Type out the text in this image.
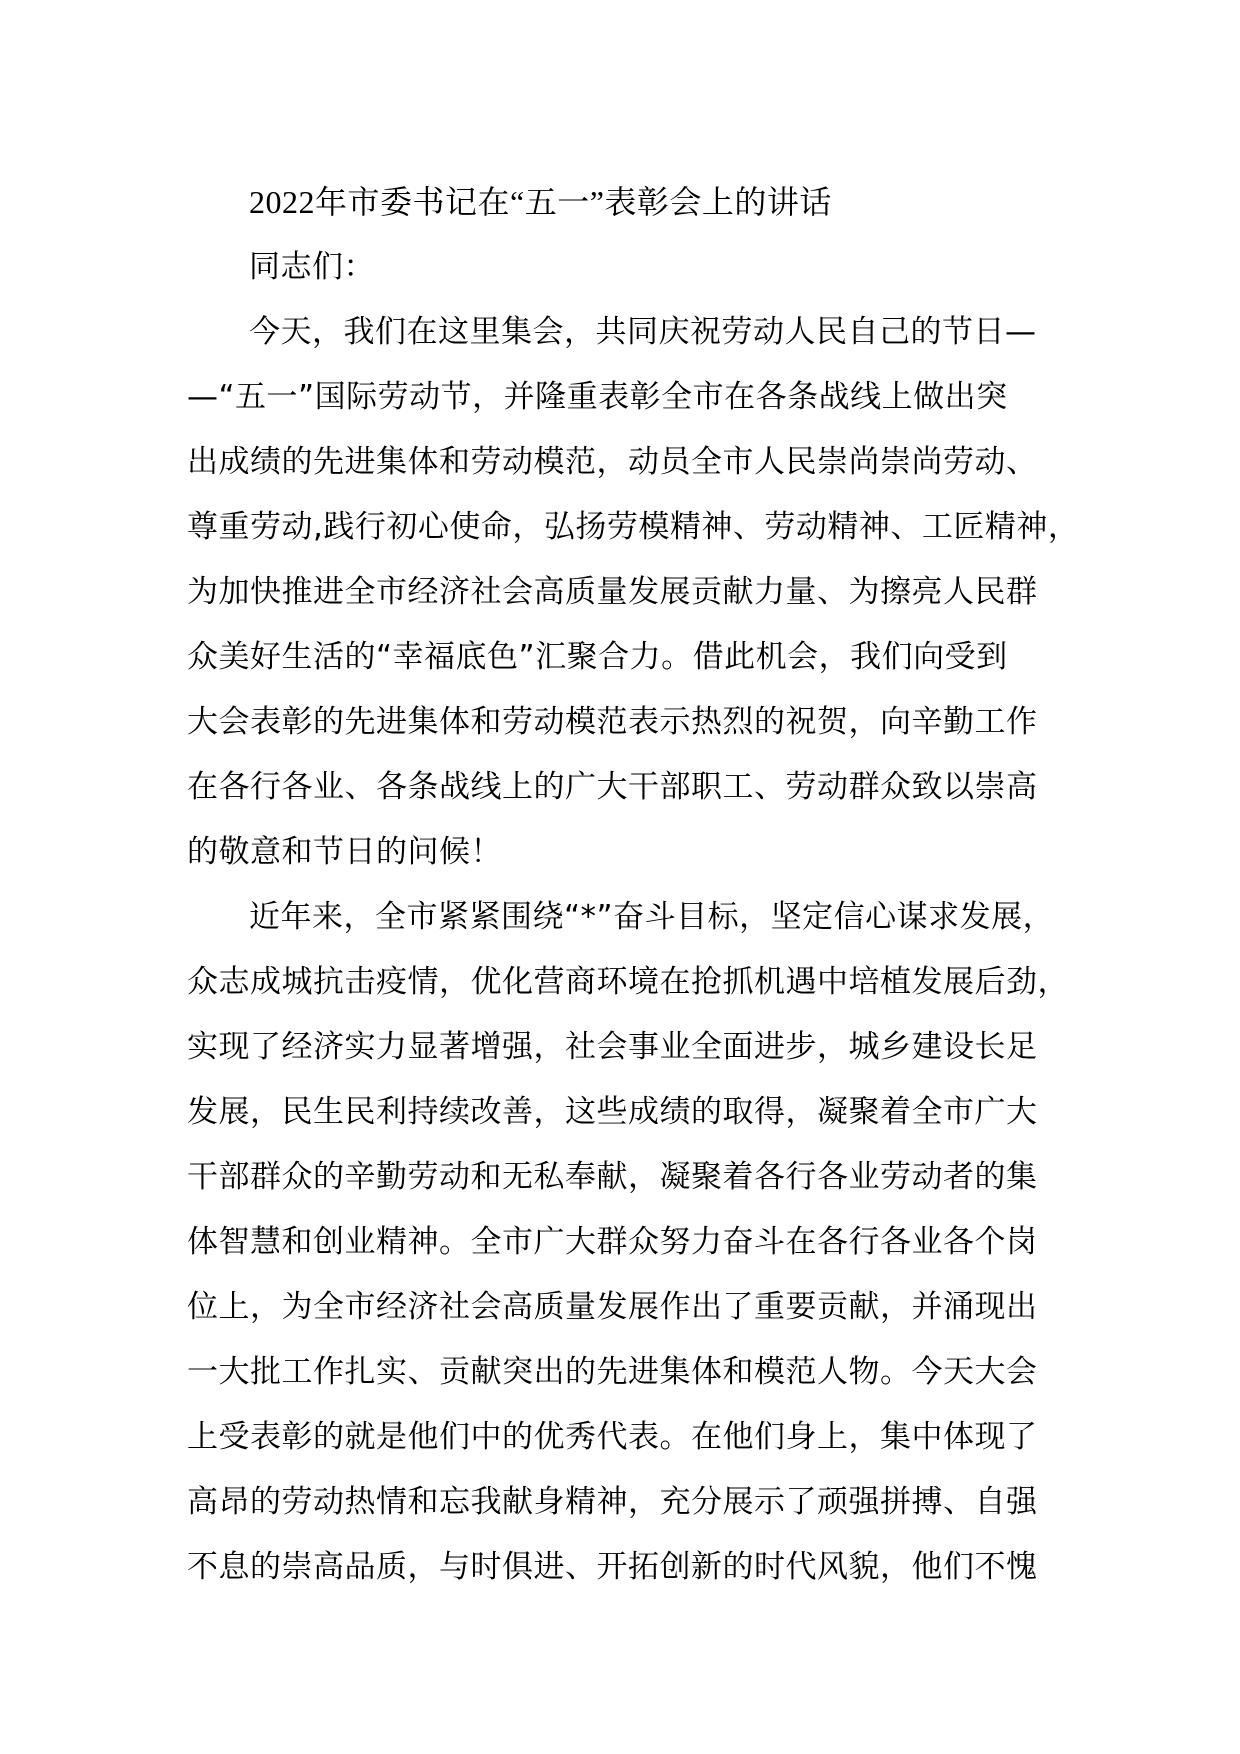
2022年市委书记在“五一”表彰会上的讲话
同志们：
今天，我们在这里集会，共同庆祝劳动人民自己的节日—
—“五一”国际劳动节，并隆重表彰全市在各条战线上做出突
出成绩的先进集体和劳动模范，动员全市人民崇尚崇尚劳动、
尊重劳动,践行初心使命，弘扬劳模精神、劳动精神、工匠精神，
为加快推进全市经济社会高质量发展贡献力量、为擦亮人民群
众美好生活的“幸福底色”汇聚合力。借此机会，我们向受到
大会表彰的先进集体和劳动模范表示热烈的祝贺，向辛勤工作
在各行各业、各条战线上的广大干部职工、劳动群众致以崇高
的敬意和节日的问候！
近年来，全市紧紧围绕“*”奋斗目标，坚定信心谋求发展，
众志成城抗击疫情，优化营商环境在抢抓机遇中培植发展后劲，
实现了经济实力显著增强，社会事业全面进步，城乡建设长足
发展，民生民利持续改善，这些成绩的取得，凝聚着全市广大
干部群众的辛勤劳动和无私奉献，凝聚着各行各业劳动者的集
体智慧和创业精神。全市广大群众努力奋斗在各行各业各个岗
位上，为全市经济社会高质量发展作出了重要贡献，并涌现出
一大批工作扎实、贡献突出的先进集体和模范人物。今天大会
上受表彰的就是他们中的优秀代表。在他们身上，集中体现了
高昂的劳动热情和忘我献身精神，充分展示了顽强拼搏、自强
不息的崇高品质，与时俱进、开拓创新的时代风貌，他们不愧
